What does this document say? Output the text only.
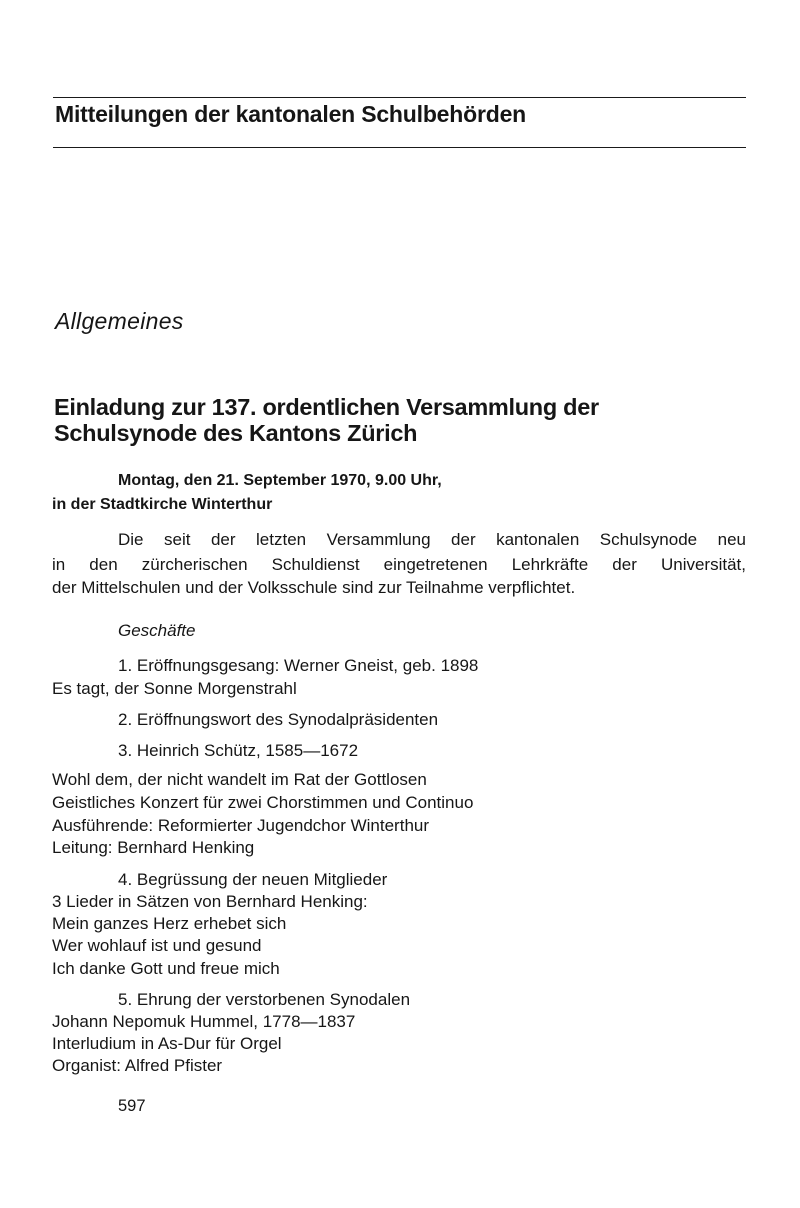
Mitteilungen der kantonalen Schulbehörden
Allgemeines
Einladung zur 137. ordentlichen Versammlung der
Schulsynode des Kantons Zürich
Montag, den 21. September 1970, 9.00 Uhr,
in der Stadtkirche Winterthur
Die seit der letzten Versammlung der kantonalen Schulsynode neu
in den zürcherischen Schuldienst eingetretenen Lehrkräfte der Universität,
der Mittelschulen und der Volksschule sind zur Teilnahme verpflichtet.
Geschäfte
1. Eröffnungsgesang: Werner Gneist, geb. 1898
Es tagt, der Sonne Morgenstrahl
2. Eröffnungswort des Synodalpräsidenten
3. Heinrich Schütz, 1585—1672
Wohl dem, der nicht wandelt im Rat der Gottlosen
Geistliches Konzert für zwei Chorstimmen und Continuo
Ausführende: Reformierter Jugendchor Winterthur
Leitung: Bernhard Henking
4. Begrüssung der neuen Mitglieder
3 Lieder in Sätzen von Bernhard Henking:
Mein ganzes Herz erhebet sich
Wer wohlauf ist und gesund
Ich danke Gott und freue mich
5. Ehrung der verstorbenen Synodalen
Johann Nepomuk Hummel, 1778—1837
Interludium in As-Dur für Orgel
Organist: Alfred Pfister
597
